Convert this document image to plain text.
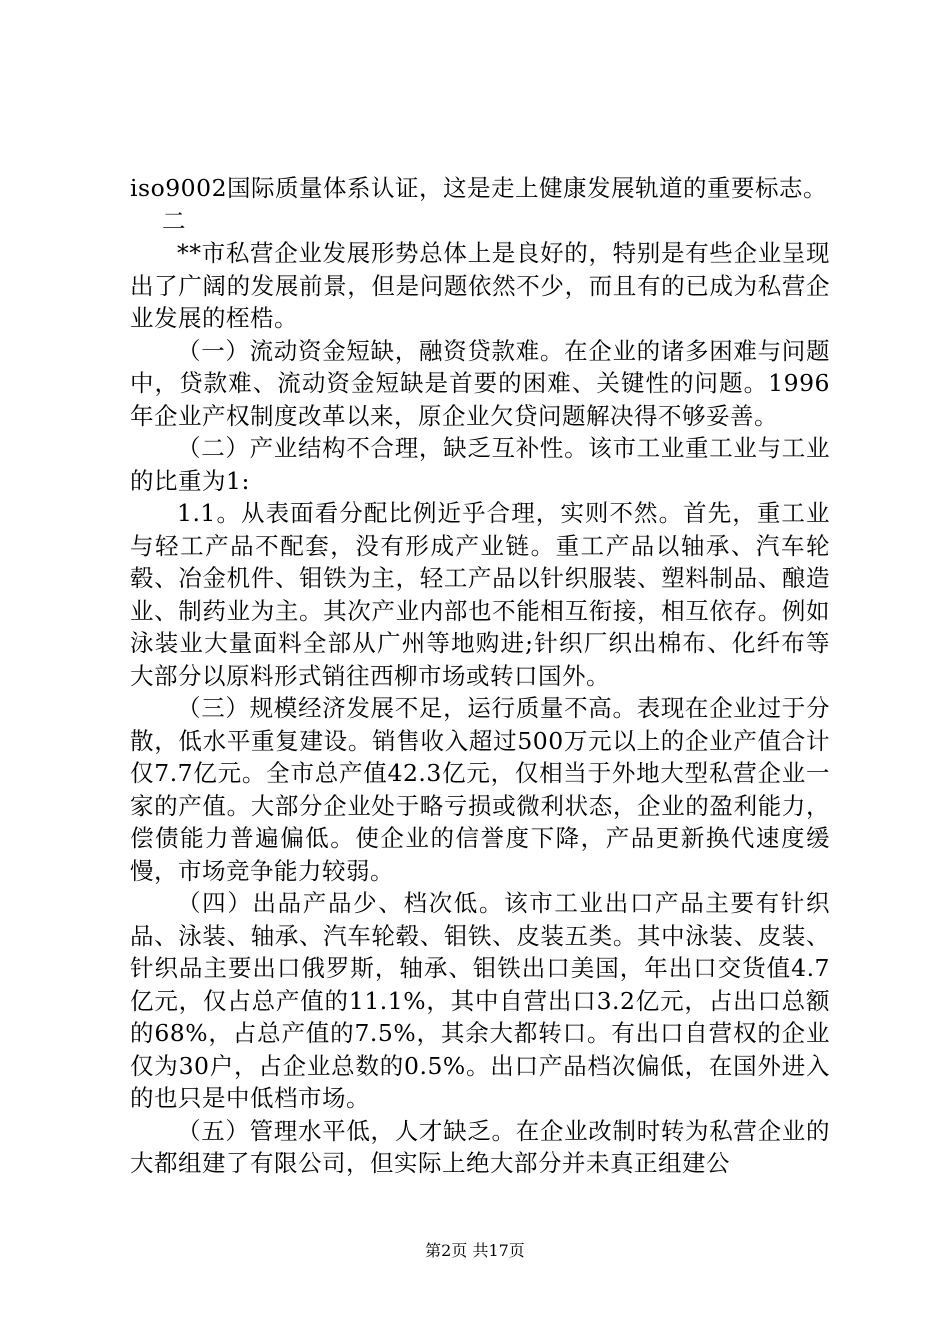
iso9002国际质量体系认证，这是走上健康发展轨道的重要标志。

二

**市私营企业发展形势总体上是良好的，特别是有些企业呈现出了广阔的发展前景，但是问题依然不少，而且有的已成为私营企业发展的桎梏。

（一）流动资金短缺，融资贷款难。在企业的诸多困难与问题中，贷款难、流动资金短缺是首要的困难、关键性的问题。1996年企业产权制度改革以来，原企业欠贷问题解决得不够妥善。

（二）产业结构不合理，缺乏互补性。该市工业重工业与工业的比重为1:

1.1。从表面看分配比例近乎合理，实则不然。首先，重工业与轻工产品不配套，没有形成产业链。重工产品以轴承、汽车轮毂、冶金机件、钼铁为主，轻工产品以针织服装、塑料制品、酿造业、制药业为主。其次产业内部也不能相互衔接，相互依存。例如泳装业大量面料全部从广州等地购进;针织厂织出棉布、化纤布等大部分以原料形式销往西柳市场或转口国外。

（三）规模经济发展不足，运行质量不高。表现在企业过于分散，低水平重复建设。销售收入超过500万元以上的企业产值合计仅7.7亿元。全市总产值42.3亿元，仅相当于外地大型私营企业一家的产值。大部分企业处于略亏损或微利状态，企业的盈利能力，偿债能力普遍偏低。使企业的信誉度下降，产品更新换代速度缓慢，市场竞争能力较弱。

（四）出品产品少、档次低。该市工业出口产品主要有针织品、泳装、轴承、汽车轮毂、钼铁、皮装五类。其中泳装、皮装、针织品主要出口俄罗斯，轴承、钼铁出口美国，年出口交货值4.7亿元，仅占总产值的11.1%，其中自营出口3.2亿元，占出口总额的68%，占总产值的7.5%，其余大都转口。有出口自营权的企业仅为30户，占企业总数的0.5%。出口产品档次偏低，在国外进入的也只是中低档市场。

（五）管理水平低，人才缺乏。在企业改制时转为私营企业的大都组建了有限公司，但实际上绝大部分并未真正组建公

第2页 共17页
